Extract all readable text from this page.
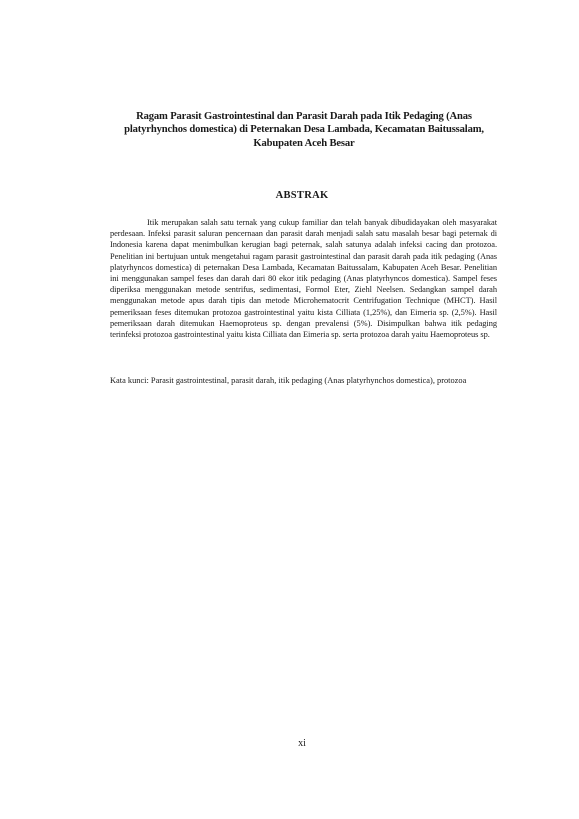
Ragam Parasit Gastrointestinal dan Parasit Darah pada Itik Pedaging (Anas platyrhynchos domestica) di Peternakan Desa Lambada, Kecamatan Baitussalam, Kabupaten Aceh Besar
ABSTRAK

Itik merupakan salah satu ternak yang cukup familiar dan telah banyak dibudidayakan oleh masyarakat perdesaan. Infeksi parasit saluran pencernaan dan parasit darah menjadi salah satu masalah besar bagi peternak di Indonesia karena dapat menimbulkan kerugian bagi peternak, salah satunya adalah infeksi cacing dan protozoa. Penelitian ini bertujuan untuk mengetahui ragam parasit gastrointestinal dan parasit darah pada itik pedaging (Anas platyrhyncos domestica) di peternakan Desa Lambada, Kecamatan Baitussalam, Kabupaten Aceh Besar. Penelitian ini menggunakan sampel feses dan darah dari 80 ekor itik pedaging (Anas platyrhyncos domestica). Sampel feses diperiksa menggunakan metode sentrifus, sedimentasi, Formol Eter, Ziehl Neelsen. Sedangkan sampel darah menggunakan metode apus darah tipis dan metode Microhematocrit Centrifugation Technique (MHCT). Hasil pemeriksaan feses ditemukan protozoa gastrointestinal yaitu kista Cilliata (1,25%), dan Eimeria sp. (2,5%). Hasil pemeriksaan darah ditemukan Haemoproteus sp. dengan prevalensi (5%). Disimpulkan bahwa itik pedaging terinfeksi protozoa gastrointestinal yaitu kista Cilliata dan Eimeria sp. serta protozoa darah yaitu Haemoproteus sp.

Kata kunci: Parasit gastrointestinal, parasit darah, itik pedaging (Anas platyrhynchos domestica), protozoa

xi
